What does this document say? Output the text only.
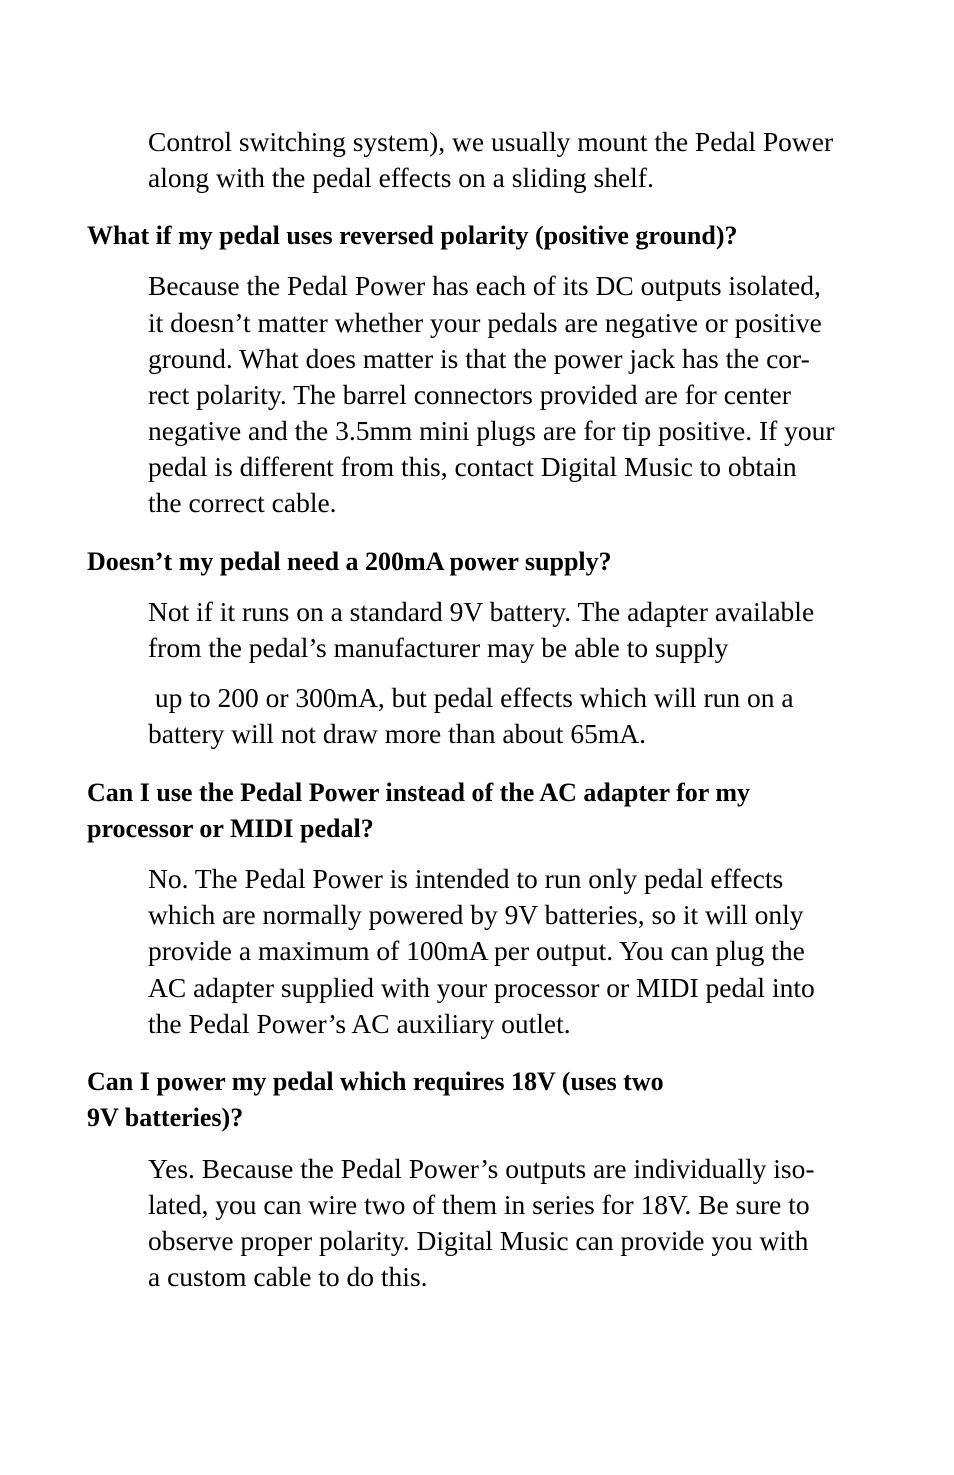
Control switching system), we usually mount the Pedal Power

along with the pedal effects on a sliding shelf.

What if my pedal uses reversed polarity (positive ground)?

Because the Pedal Power has each of its DC outputs isolated,

it doesn’t matter whether your pedals are negative or positive

ground. What does matter is that the power jack has the cor-

rect polarity. The barrel connectors provided are for center

negative and the 3.5mm mini plugs are for tip positive. If your

pedal is different from this, contact Digital Music to obtain

the correct cable.

Doesn’t my pedal need a 200mA power supply?

Not if it runs on a standard 9V battery. The adapter available

from the pedal’s manufacturer may be able to supply

up to 200 or 300mA, but pedal effects which will run on a

battery will not draw more than about 65mA.

Can I use the Pedal Power instead of the AC adapter for my

processor or MIDI pedal?

No. The Pedal Power is intended to run only pedal effects

which are normally powered by 9V batteries, so it will only

provide a maximum of 100mA per output. You can plug the

AC adapter supplied with your processor or MIDI pedal into

the Pedal Power’s AC auxiliary outlet.

Can I power my pedal which requires 18V (uses two

9V batteries)?

Yes. Because the Pedal Power’s outputs are individually iso-

lated, you can wire two of them in series for 18V. Be sure to

observe proper polarity. Digital Music can provide you with

a custom cable to do this.
